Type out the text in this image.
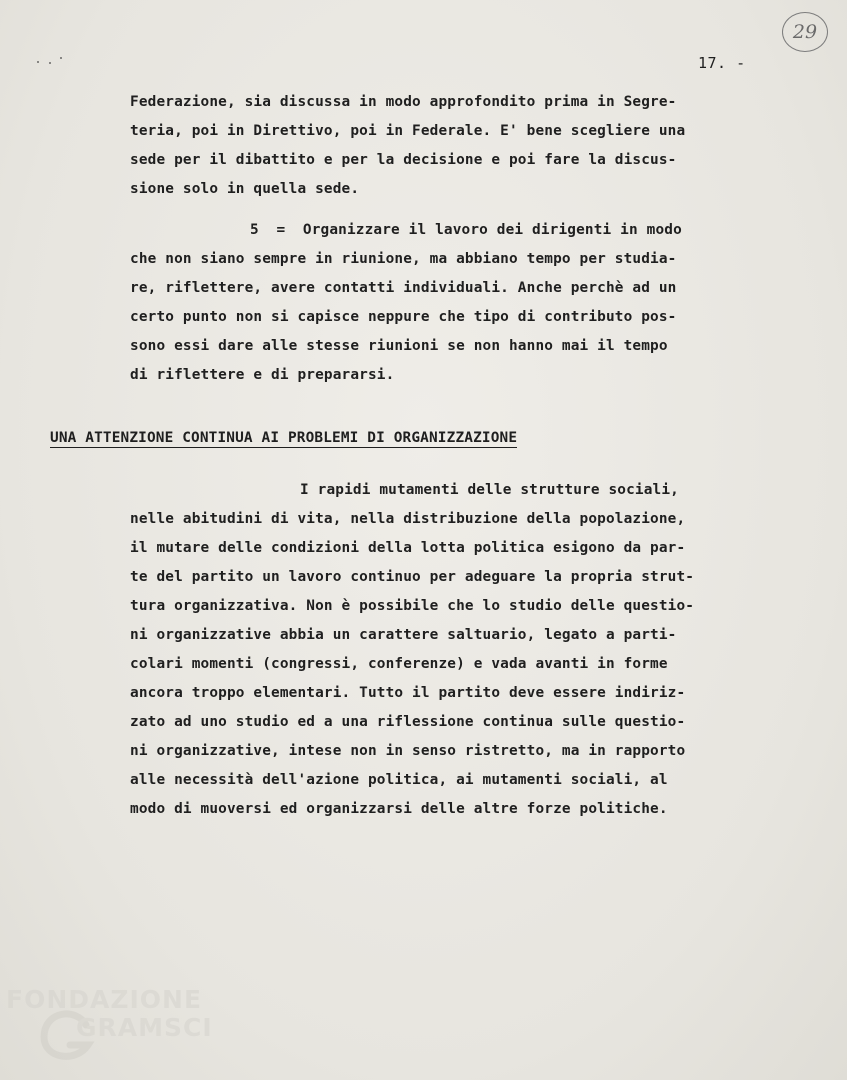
29
17. -
Federazione, sia discussa in modo approfondito prima in Segre-
teria, poi in Direttivo, poi in Federale. E' bene scegliere una
sede per il dibattito e per la decisione e poi fare la discus-
sione solo in quella sede.
5  =  Organizzare il lavoro dei dirigenti in modo
che non siano sempre in riunione, ma abbiano tempo per studia-
re, riflettere, avere contatti individuali. Anche perchè ad un
certo punto non si capisce neppure che tipo di contributo pos-
sono essi dare alle stesse riunioni se non hanno mai il tempo
di riflettere e di prepararsi.
UNA ATTENZIONE CONTINUA AI PROBLEMI DI ORGANIZZAZIONE
I rapidi mutamenti delle strutture sociali,
nelle abitudini di vita, nella distribuzione della popolazione,
il mutare delle condizioni della lotta politica esigono da par-
te del partito un lavoro continuo per adeguare la propria strut-
tura organizzativa. Non è possibile che lo studio delle questio-
ni organizzative abbia un carattere saltuario, legato a parti-
colari momenti (congressi, conferenze) e vada avanti in forme
ancora troppo elementari. Tutto il partito deve essere indiriz-
zato ad uno studio ed a una riflessione continua sulle questio-
ni organizzative, intese non in senso ristretto, ma in rapporto
alle necessità dell'azione politica, ai mutamenti sociali, al
modo di muoversi ed organizzarsi delle altre forze politiche.
FONDAZIONE
GRAMSCI
